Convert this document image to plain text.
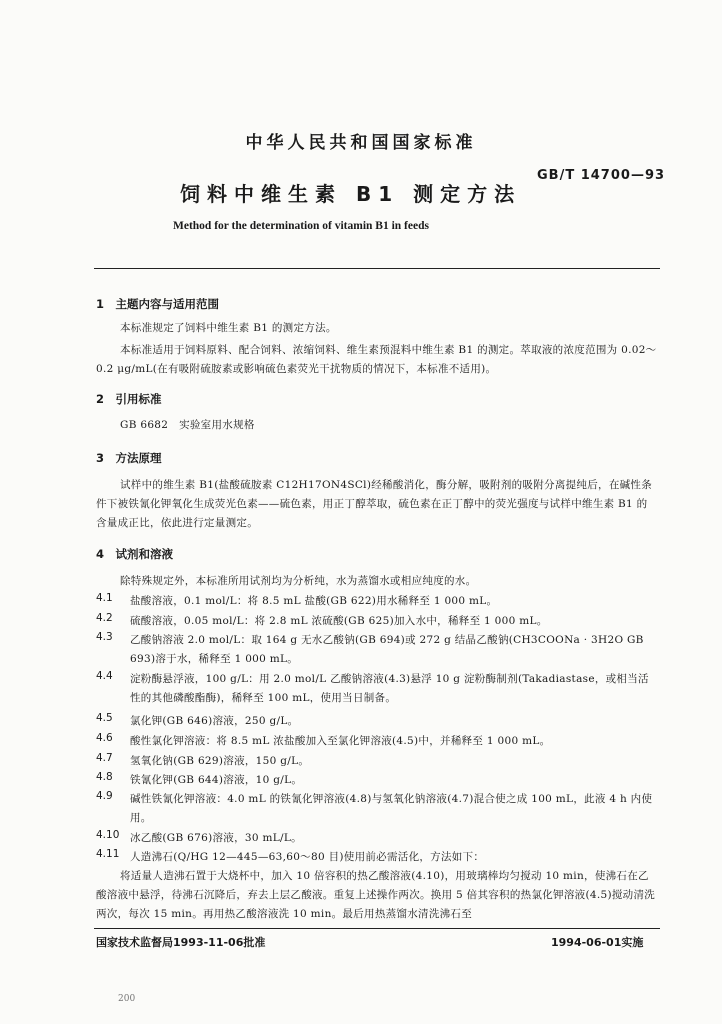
中华人民共和国国家标准
GB/T 14700—93
饲料中维生素 B1 测定方法
Method for the determination of vitamin B1 in feeds
1　主题内容与适用范围
本标准规定了饲料中维生素 B1 的测定方法。
本标准适用于饲料原料、配合饲料、浓缩饲料、维生素预混料中维生素 B1 的测定。萃取液的浓度范围为 0.02～0.2 μg/mL(在有吸附硫胺素或影响硫色素荧光干扰物质的情况下，本标准不适用)。
2　引用标准
GB 6682　实验室用水规格
3　方法原理
试样中的维生素 B1(盐酸硫胺素 C12H17ON4SCl)经稀酸消化，酶分解，吸附剂的吸附分离提纯后，在碱性条件下被铁氰化钾氧化生成荧光色素——硫色素，用正丁醇萃取，硫色素在正丁醇中的荧光强度与试样中维生素 B1 的含量成正比，依此进行定量测定。
4　试剂和溶液
除特殊规定外，本标准所用试剂均为分析纯，水为蒸馏水或相应纯度的水。
4.1 盐酸溶液，0.1 mol/L：将 8.5 mL 盐酸(GB 622)用水稀释至 1 000 mL。
4.2 硫酸溶液，0.05 mol/L：将 2.8 mL 浓硫酸(GB 625)加入水中，稀释至 1 000 mL。
4.3 乙酸钠溶液 2.0 mol/L：取 164 g 无水乙酸钠(GB 694)或 272 g 结晶乙酸钠(CH3COONa · 3H2O GB 693)溶于水，稀释至 1 000 mL。
4.4 淀粉酶悬浮液，100 g/L：用 2.0 mol/L 乙酸钠溶液(4.3)悬浮 10 g 淀粉酶制剂(Takadiastase，或相当活性的其他磷酸酯酶)，稀释至 100 mL，使用当日制备。
4.5 氯化钾(GB 646)溶液，250 g/L。
4.6 酸性氯化钾溶液：将 8.5 mL 浓盐酸加入至氯化钾溶液(4.5)中，并稀释至 1 000 mL。
4.7 氢氧化钠(GB 629)溶液，150 g/L。
4.8 铁氰化钾(GB 644)溶液，10 g/L。
4.9 碱性铁氰化钾溶液：4.0 mL 的铁氰化钾溶液(4.8)与氢氧化钠溶液(4.7)混合使之成 100 mL，此液 4 h 内使用。
4.10 冰乙酸(GB 676)溶液，30 mL/L。
4.11 人造沸石(Q/HG 12—445—63,60～80 目)使用前必需活化，方法如下：
将适量人造沸石置于大烧杯中，加入 10 倍容积的热乙酸溶液(4.10)，用玻璃棒均匀搅动 10 min，使沸石在乙酸溶液中悬浮，待沸石沉降后，弃去上层乙酸液。重复上述操作两次。换用 5 倍其容积的热氯化钾溶液(4.5)搅动清洗两次，每次 15 min。再用热乙酸溶液洗 10 min。最后用热蒸馏水清洗沸石至
国家技术监督局1993-11-06批准	1994-06-01实施
200
